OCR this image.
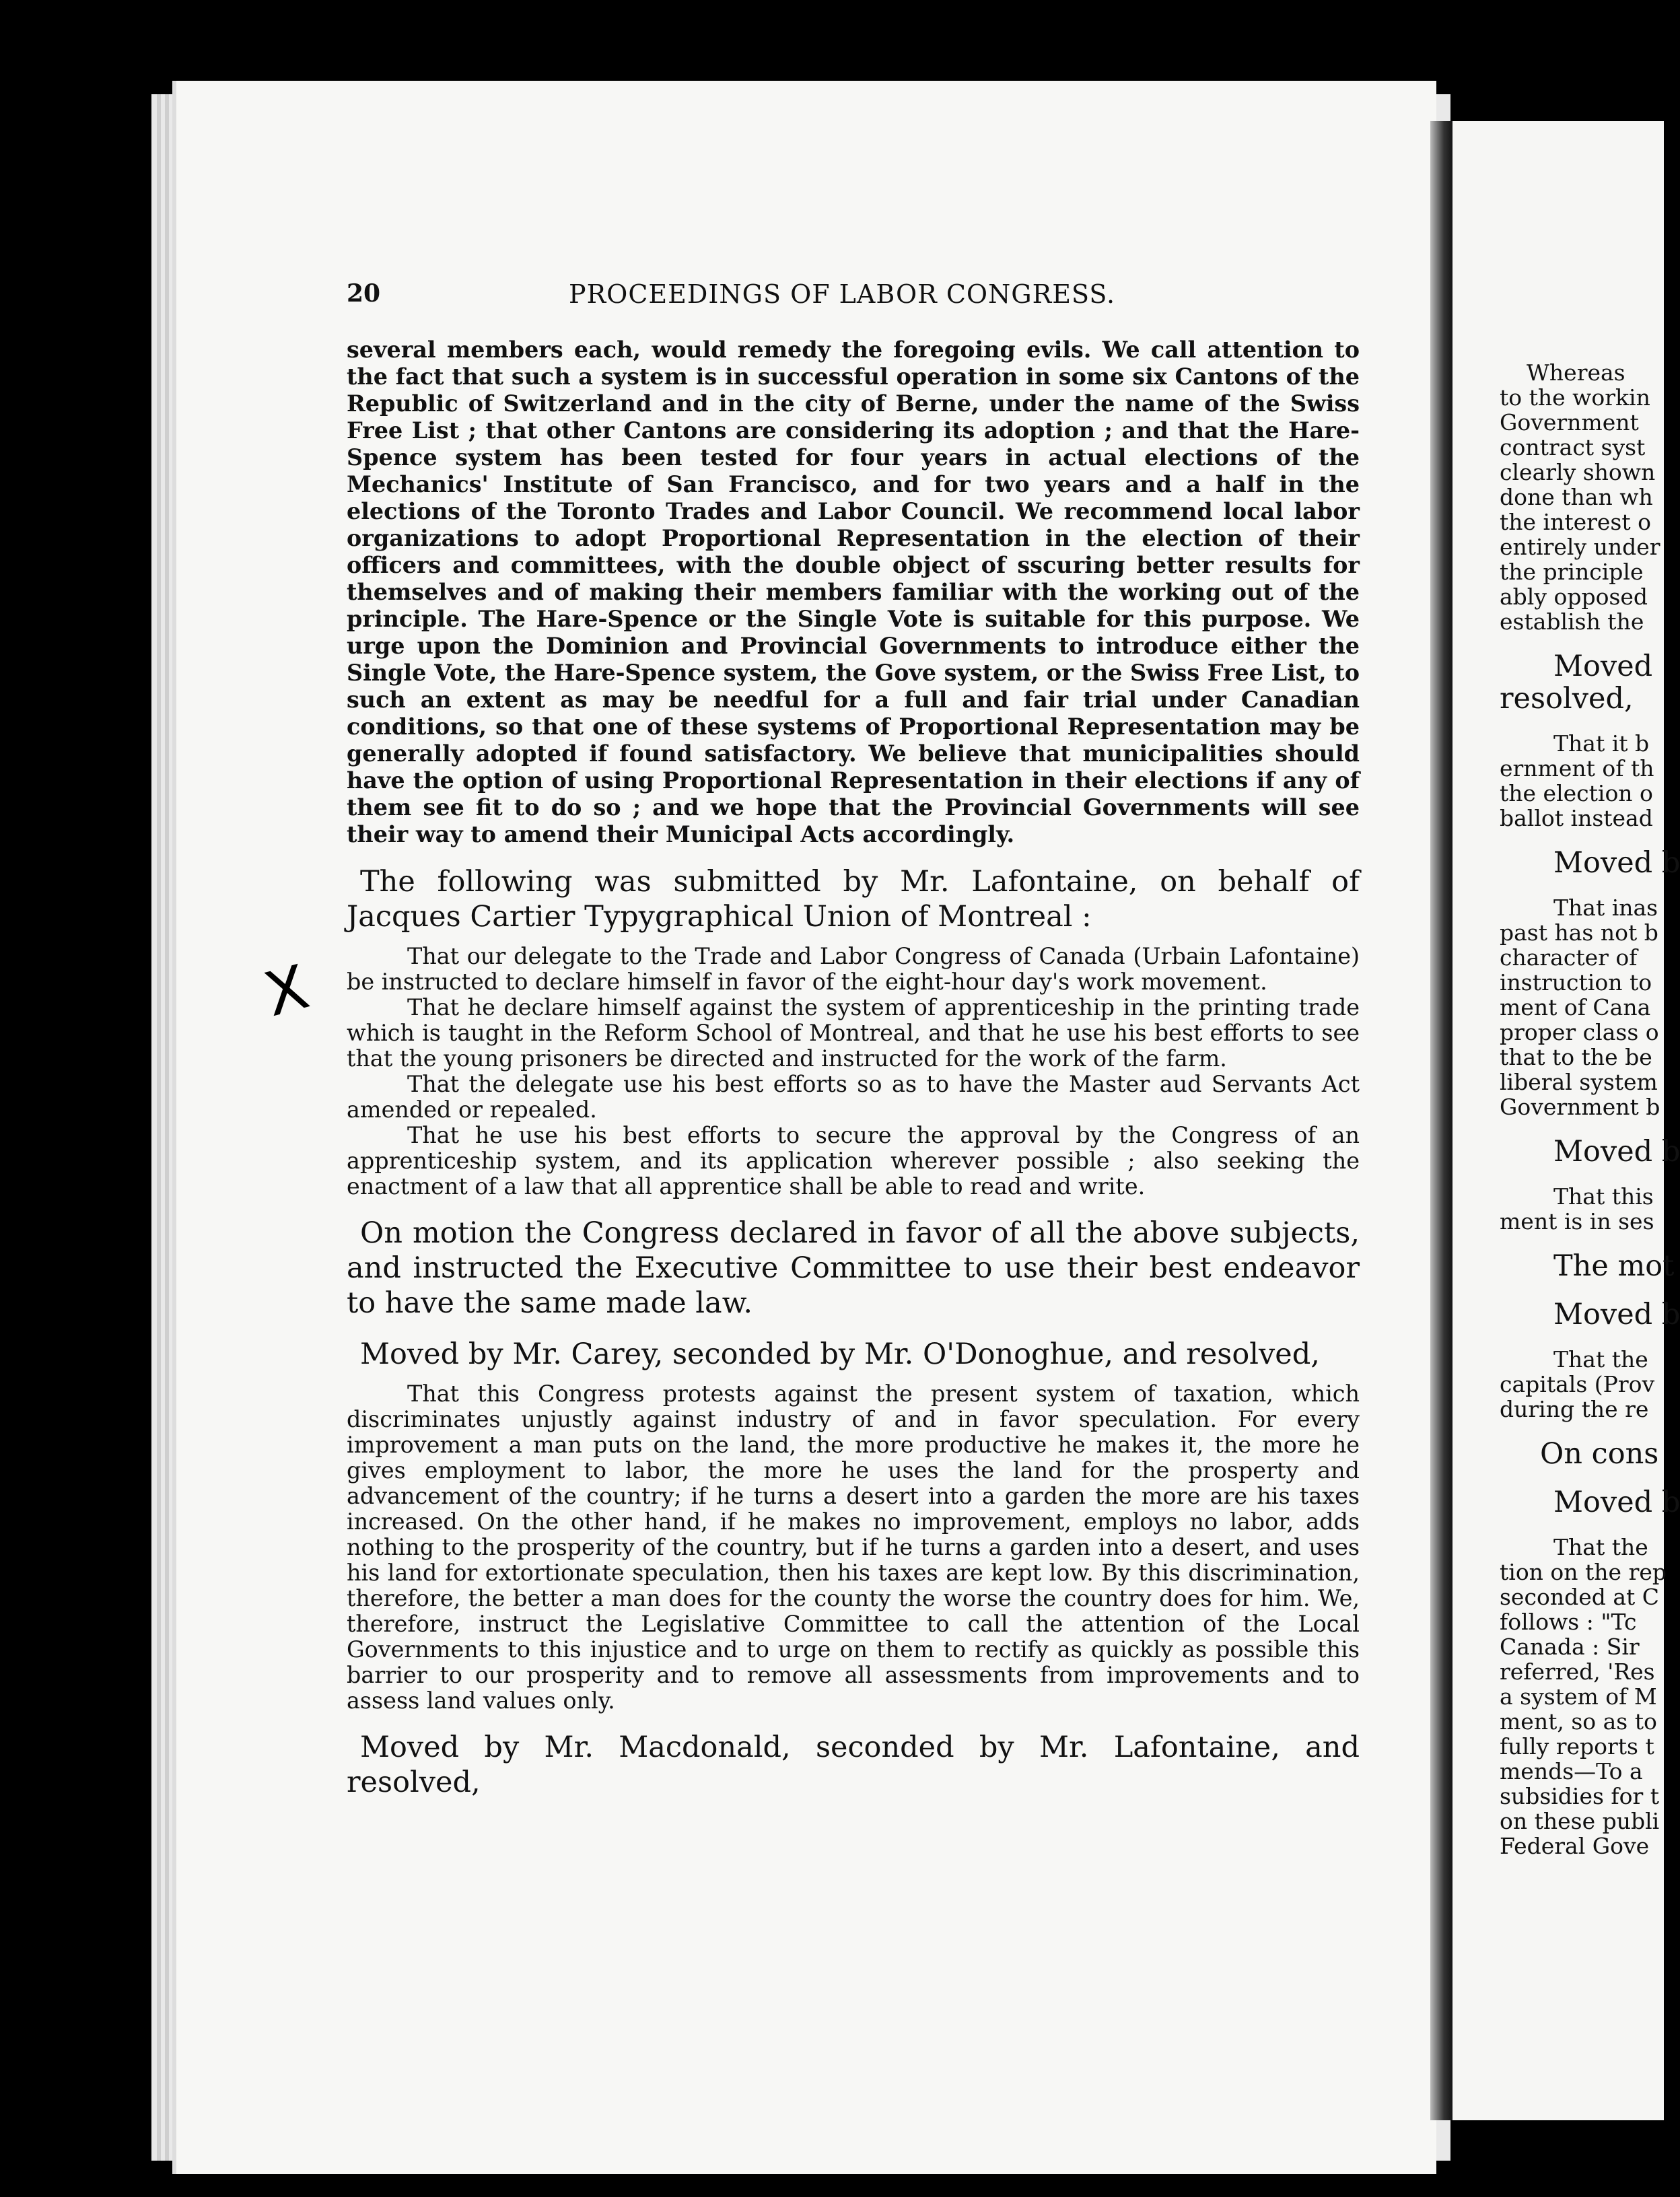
20	PROCEEDINGS OF LABOR CONGRESS.
X

several members each, would remedy the foregoing evils. We call attention to the fact that such a system is in successful operation in some six Cantons of the Republic of Switzerland and in the city of Berne, under the name of the Swiss Free List ; that other Cantons are considering its adoption ; and that the Hare-Spence system has been tested for four years in actual elections of the Mechanics' Institute of San Francisco, and for two years and a half in the elections of the Toronto Trades and Labor Council. We recommend local labor organizations to adopt Proportional Representation in the election of their officers and committees, with the double object of sscuring better results for themselves and of making their members familiar with the working out of the principle. The Hare-Spence or the Single Vote is suitable for this purpose. We urge upon the Dominion and Provincial Governments to introduce either the Single Vote, the Hare-Spence system, the Gove system, or the Swiss Free List, to such an extent as may be needful for a full and fair trial under Canadian conditions, so that one of these systems of Proportional Representation may be generally adopted if found satisfactory. We believe that municipalities should have the option of using Proportional Representation in their elections if any of them see fit to do so ; and we hope that the Provincial Governments will see their way to amend their Municipal Acts accordingly.

The following was submitted by Mr. Lafontaine, on behalf of Jacques Cartier Typygraphical Union of Montreal :

That our delegate to the Trade and Labor Congress of Canada (Urbain Lafontaine) be instructed to declare himself in favor of the eight-hour day's work movement.

That he declare himself against the system of apprenticeship in the printing trade which is taught in the Reform School of Montreal, and that he use his best efforts to see that the young prisoners be directed and instructed for the work of the farm.

That the delegate use his best efforts so as to have the Master aud Servants Act amended or repealed.

That he use his best efforts to secure the approval by the Congress of an apprenticeship system, and its application wherever possible ; also seeking the enactment of a law that all apprentice shall be able to read and write.

On motion the Congress declared in favor of all the above subjects, and instructed the Executive Committee to use their best endeavor to have the same made law.

Moved by Mr. Carey, seconded by Mr. O'Donoghue, and resolved,

That this Congress protests against the present system of taxation, which discriminates unjustly against industry of and in favor speculation. For every improvement a man puts on the land, the more productive he makes it, the more he gives employment to labor, the more he uses the land for the prosperty and advancement of the country; if he turns a desert into a garden the more are his taxes increased. On the other hand, if he makes no improvement, employs no labor, adds nothing to the prosperity of the country, but if he turns a garden into a desert, and uses his land for extortionate speculation, then his taxes are kept low. By this discrimination, therefore, the better a man does for the county the worse the country does for him. We, therefore, instruct the Legislative Committee to call the attention of the Local Governments to this injustice and to urge on them to rectify as quickly as possible this barrier to our prosperity and to remove all assessments from improvements and to assess land values only.

Moved by Mr. Macdonald, seconded by Mr. Lafontaine, and resolved,

Whereas
to the workin
Government
contract syst
clearly shown
done than wh
the interest o
entirely under
the principle
ably opposed
establish the
Moved
resolved,
That it b
ernment of th
the election o
ballot instead
Moved b
That inas
past has not b
character of
instruction to
ment of Cana
proper class o
that to the be
liberal system
Government b
Moved b
That this
ment is in ses
The mot
Moved b
That the
capitals (Prov
during the re
On cons
Moved b
That the
tion on the rep
seconded at C
follows : "Tc
Canada : Sir
referred, 'Res
a system of M
ment, so as to
fully reports t
mends—To a
subsidies for t
on these publi
Federal Gove
